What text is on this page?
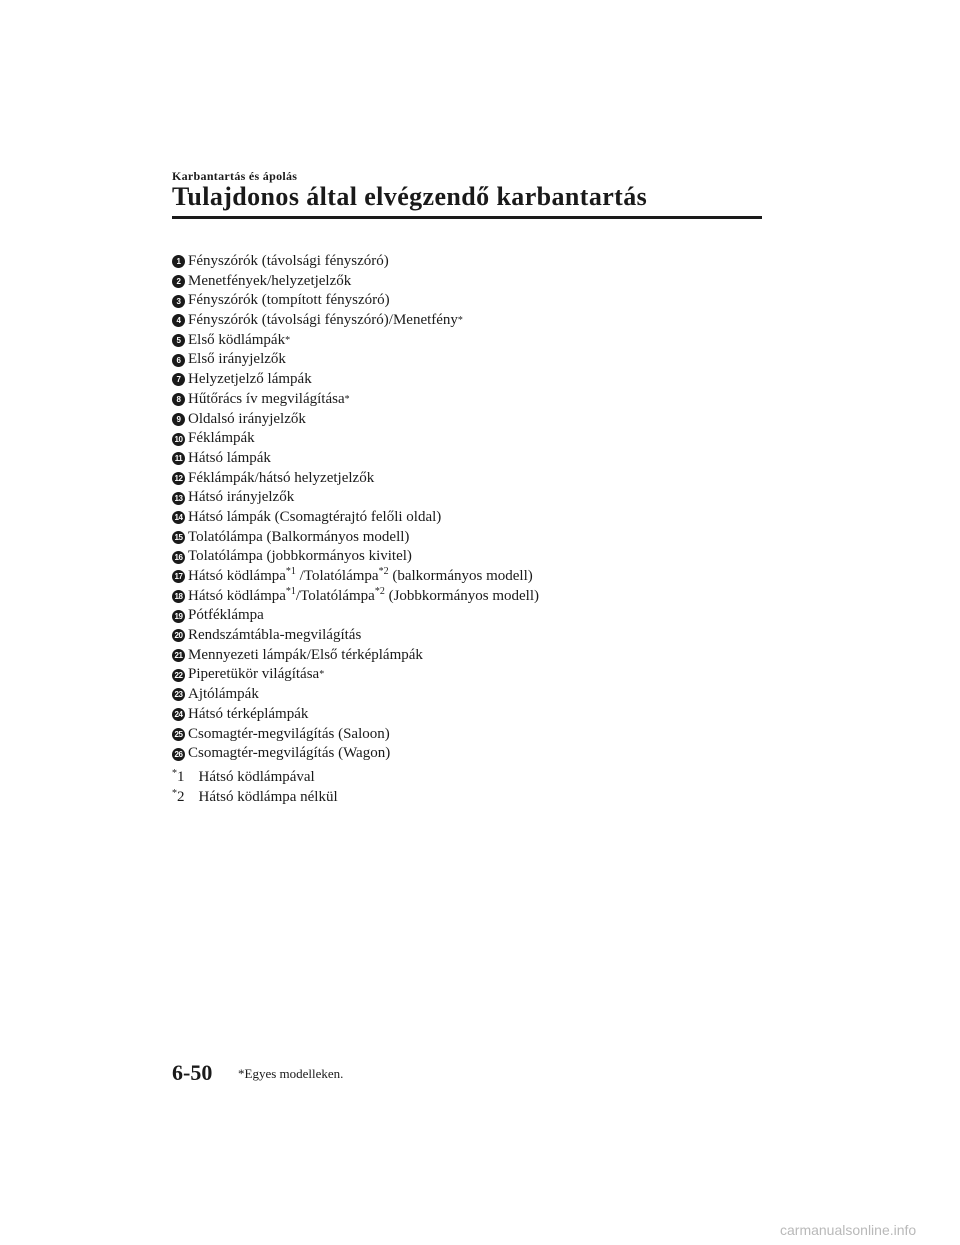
Karbantartás és ápolás
Tulajdonos által elvégzendő karbantartás
1 Fényszórók (távolsági fényszóró)
2 Menetfények/helyzetjelzők
3 Fényszórók (tompított fényszóró)
4 Fényszórók (távolsági fényszóró)/Menetfény *
5 Első ködlámpák *
6 Első irányjelzők
7 Helyzetjelző lámpák
8 Hűtőrács ív megvilágítása *
9 Oldalsó irányjelzők
10 Féklámpák
11 Hátsó lámpák
12 Féklámpák/hátsó helyzetjelzők
13 Hátsó irányjelzők
14 Hátsó lámpák (Csomagtérajtó felőli oldal)
15 Tolatólámpa (Balkormányos modell)
16 Tolatólámpa (jobbkormányos kivitel)
17 Hátsó ködlámpa$^{*1}$ /Tolatólámpa$^{*2}$ (balkormányos modell)
18 Hátsó ködlámpa$^{*1}$/Tolatólámpa$^{*2}$ (Jobbkormányos modell)
19 Pótféklámpa
20 Rendszámtábla-megvilágítás
21 Mennyezeti lámpák/Első térképlámpák
22 Piperetükör világítása *
23 Ajtólámpák
24 Hátsó térképlámpák
25 Csomagtér-megvilágítás (Saloon)
26 Csomagtér-megvilágítás (Wagon)
*1 Hátsó ködlámpával
*2 Hátsó ködlámpa nélkül
6-50 *Egyes modelleken.
carmanualsonline.info
